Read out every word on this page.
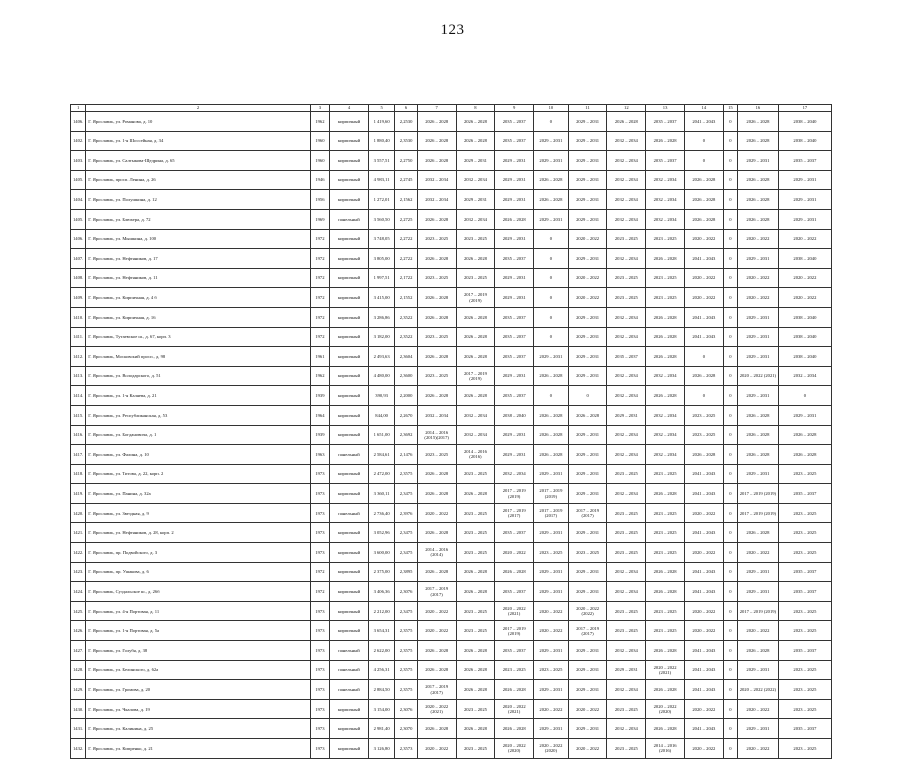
123
1	2	3	4	5	6	7	8	9	10	11	12	13	14	15	16	17
1406.	Г. Ярославль, ул. Романова, д. 10	1962	кирпичный	1 419,60	2,2530	2026 – 2028	2026 – 2028	2035 – 2037	0	2029 – 2031	2026 – 2028	2035 – 2037	2041 – 2043	0	2026 – 2028	2038 – 2040
1402.	Г. Ярославль, ул. 1-я Шоссейная, д. 34	1960	кирпичный	1 880,40	2,3530	2026 – 2028	2026 – 2028	2035 – 2037	2029 – 2031	2029 – 2031	2032 – 2034	2026 – 2028	0	0	2026 – 2028	2038 – 2040
1403.	Г. Ярославль, ул. Салтыкова-Щедрина, д. 65	1960	кирпичный	3 557,51	2,2750	2026 – 2028	2029 – 2031	2029 – 2031	2029 – 2031	2029 – 2031	2032 – 2034	2035 – 2037	0	0	2029 – 2031	2035 – 2037
1405.	Г. Ярославль, просп. Ленина, д. 26	1946	кирпичный	4 983,11	2,2745	2032 – 2034	2032 – 2034	2029 – 2031	2026 – 2028	2029 – 2031	2032 – 2034	2032 – 2034	2026 – 2028	0	2026 – 2028	2029 – 2031
1404.	Г. Ярославль, ул. Полушкина, д. 12	1956	кирпичный	1 272,01	2,1562	2032 – 2034	2029 – 2031	2029 – 2031	2026 – 2028	2029 – 2031	2032 – 2034	2032 – 2034	2026 – 2028	0	2026 – 2028	2029 – 2031
1405.	Г. Ярославль, ул. Блюхера, д. 72	1969	панельный	3 560,50	2,2725	2026 – 2028	2032 – 2034	2026 – 2028	2029 – 2031	2029 – 2031	2032 – 2034	2032 – 2034	2026 – 2028	0	2026 – 2028	2029 – 2031
1406.	Г. Ярославль, ул. Мышкина, д. 100	1972	кирпичный	3 748,05	2,2722	2023 – 2025	2023 – 2025	2029 – 2031	0	2020 – 2022	2023 – 2025	2023 – 2025	2020 – 2022	0	2020 – 2022	2020 – 2022
1407.	Г. Ярославль, ул. Нефтяников, д. 17	1972	кирпичный	3 805,00	2,2722	2026 – 2028	2026 – 2028	2035 – 2037	0	2029 – 2031	2032 – 2034	2026 – 2028	2041 – 2043	0	2029 – 2031	2038 – 2040
1408.	Г. Ярославль, ул. Нефтяников, д. 11	1972	кирпичный	1 997,51	2,1722	2023 – 2025	2023 – 2025	2029 – 2031	0	2020 – 2022	2023 – 2025	2023 – 2025	2020 – 2022	0	2020 – 2022	2020 – 2022
1409.	Г. Ярославль, ул. Кирпичная, д. 4 б	1972	кирпичный	3 415,00	2,1552	2026 – 2028	2017 – 2019 (2019)	2029 – 2031	0	2020 – 2022	2023 – 2025	2023 – 2025	2020 – 2022	0	2020 – 2022	2020 – 2022
1410.	Г. Ярославль, ул. Кирпичная, д. 16	1972	кирпичный	3 286,86	2,3522	2026 – 2028	2026 – 2028	2035 – 2037	0	2029 – 2031	2032 – 2034	2026 – 2028	2041 – 2043	0	2029 – 2031	2038 – 2040
1411.	Г. Ярославль, Тутаевское ш., д. 67, корп. 3	1972	кирпичный	3 182,00	2,3522	2023 – 2025	2026 – 2028	2035 – 2037	0	2029 – 2031	2032 – 2034	2026 – 2028	2041 – 2043	0	2029 – 2031	2038 – 2040
1412.	Г. Ярославль, Московский просп., д. 98	1961	кирпичный	2 493,63	2,3604	2026 – 2028	2026 – 2028	2035 – 2037	2029 – 2031	2029 – 2031	2035 – 2037	2026 – 2028	0	0	2029 – 2031	2038 – 2040
1413.	Г. Ярославль, ул. Володарского, д. 51	1962	кирпичный	4 480,00	2,3600	2023 – 2025	2017 – 2019 (2019)	2029 – 2031	2026 – 2028	2029 – 2031	2032 – 2034	2032 – 2034	2026 – 2028	0	2020 – 2022 (2021)	2032 – 2034
1414.	Г. Ярославль, ул. 1-я Каляева, д. 21	1939	кирпичный	390,93	2,2000	2026 – 2028	2026 – 2028	2035 – 2037	0	0	2032 – 2034	2026 – 2028	0	0	2029 – 2031	0
1415.	Г. Ярославль, ул. Республиканская, д. 53	1964	кирпичный	844,00	2,2670	2032 – 2034	2032 – 2034	2038 – 2040	2026 – 2028	2026 – 2028	2029 – 2031	2032 – 2034	2023 – 2025	0	2026 – 2028	2029 – 2031
1416.	Г. Ярославль, ул. Богдановича, д. 1	1939	кирпичный	1 651,00	2,3692	2014 – 2016 (2015)(2017)	2032 – 2034	2029 – 2031	2026 – 2028	2029 – 2031	2032 – 2034	2032 – 2034	2023 – 2025	0	2026 – 2028	2026 – 2028
1417.	Г. Ярославль, ул. Фалина, д. 10	1963	панельный	2 584,61	2,1476	2023 – 2025	2014 – 2016 (2016)	2029 – 2031	2026 – 2028	2029 – 2031	2032 – 2034	2032 – 2034	2026 – 2028	0	2026 – 2028	2026 – 2028
1418.	Г. Ярославль, ул. Титова, д. 22, корп. 2	1973	кирпичный	2 472,00	2,3575	2026 – 2028	2023 – 2025	2032 – 2034	2029 – 2031	2029 – 2031	2023 – 2025	2023 – 2025	2041 – 2043	0	2029 – 2031	2023 – 2025
1419.	Г. Ярославль, ул. Панина, д. 32а	1973	кирпичный	3 360,11	2,3475	2026 – 2028	2026 – 2028	2017 – 2019 (2019)	2017 – 2019 (2019)	2029 – 2031	2032 – 2034	2026 – 2028	2041 – 2043	0	2017 – 2019 (2019)	2035 – 2037
1420.	Г. Ярославль, ул. Звездная, д. 9	1973	панельный	2 736,40	2,3976	2020 – 2022	2023 – 2025	2017 – 2019 (2017)	2017 – 2019 (2017)	2017 – 2019 (2017)	2023 – 2025	2023 – 2025	2020 – 2022	0	2017 – 2019 (2019)	2023 – 2025
1421.	Г. Ярославль, ул. Нефтяников, д. 28, корп. 2	1973	кирпичный	3 052,96	2,3475	2026 – 2028	2023 – 2025	2035 – 2037	2029 – 2031	2029 – 2031	2023 – 2025	2023 – 2025	2041 – 2043	0	2026 – 2028	2023 – 2025
1422.	Г. Ярославль, пр. Подвойского, д. 3	1973	кирпичный	3 600,00	2,3475	2014 – 2016 (2014)	2023 – 2025	2020 – 2022	2023 – 2025	2023 – 2025	2023 – 2025	2023 – 2025	2020 – 2022	0	2020 – 2022	2023 – 2025
1423.	Г. Ярославль, пр. Ушакова, д. 6	1972	кирпичный	2 375,00	2,3895	2026 – 2028	2026 – 2028	2026 – 2028	2029 – 2031	2029 – 2031	2032 – 2034	2026 – 2028	2041 – 2043	0	2029 – 2031	2035 – 2037
1424.	Г. Ярославль, Суздальское ш., д. 26б	1972	кирпичный	3 406,36	2,3076	2017 – 2019 (2017)	2026 – 2028	2035 – 2037	2029 – 2031	2029 – 2031	2032 – 2034	2026 – 2028	2041 – 2043	0	2029 – 2031	2035 – 2037
1425.	Г. Ярославль, ул. 4-я Портовая, д. 11	1973	кирпичный	2 212,00	2,3475	2020 – 2022	2023 – 2025	2020 – 2022 (2021)	2020 – 2022	2020 – 2022 (2022)	2023 – 2025	2023 – 2025	2020 – 2022	0	2017 – 2019 (2019)	2023 – 2025
1426.	Г. Ярославль, ул. 1-я Портовая, д. 5а	1973	кирпичный	3 654,31	2,3575	2020 – 2022	2023 – 2025	2017 – 2019 (2019)	2020 – 2022	2017 – 2019 (2017)	2023 – 2025	2023 – 2025	2020 – 2022	0	2020 – 2022	2023 – 2025
1427.	Г. Ярославль, ул. Голубя, д. 38	1973	панельный	2 622,00	2,3575	2026 – 2028	2026 – 2028	2035 – 2037	2029 – 2031	2029 – 2031	2032 – 2034	2026 – 2028	2041 – 2043	0	2026 – 2028	2035 – 2037
1428.	Г. Ярославль, ул. Белинского, д. 62а	1973	панельный	4 256,31	2,3575	2026 – 2028	2026 – 2028	2023 – 2025	2023 – 2025	2029 – 2031	2029 – 2031	2020 – 2022 (2021)	2041 – 2043	0	2029 – 2031	2023 – 2025
1429.	Г. Ярославль, ул. Громова, д. 20	1973	панельный	2 884,50	2,3575	2017 – 2019 (2017)	2026 – 2028	2026 – 2028	2029 – 2031	2029 – 2031	2032 – 2034	2026 – 2028	2041 – 2043	0	2020 – 2022 (2022)	2023 – 2025
1430.	Г. Ярославль, ул. Чкалова, д. 19	1973	кирпичный	3 154,00	2,3076	2020 – 2022 (2021)	2023 – 2025	2020 – 2022 (2021)	2020 – 2022	2020 – 2022	2023 – 2025	2020 – 2022 (2020)	2020 – 2022	0	2020 – 2022	2023 – 2025
1431.	Г. Ярославль, ул. Калинина, д. 25	1973	кирпичный	2 981,40	2,3070	2026 – 2028	2026 – 2028	2026 – 2028	2029 – 2031	2029 – 2031	2032 – 2034	2026 – 2028	2041 – 2043	0	2029 – 2031	2035 – 2037
1432.	Г. Ярославль, ул. Кипренко, д. 21	1973	кирпичный	3 126,80	2,3573	2020 – 2022	2023 – 2025	2020 – 2022 (2020)	2020 – 2022 (2020)	2020 – 2022	2023 – 2025	2014 – 2016 (2016)	2020 – 2022	0	2020 – 2022	2023 – 2025
